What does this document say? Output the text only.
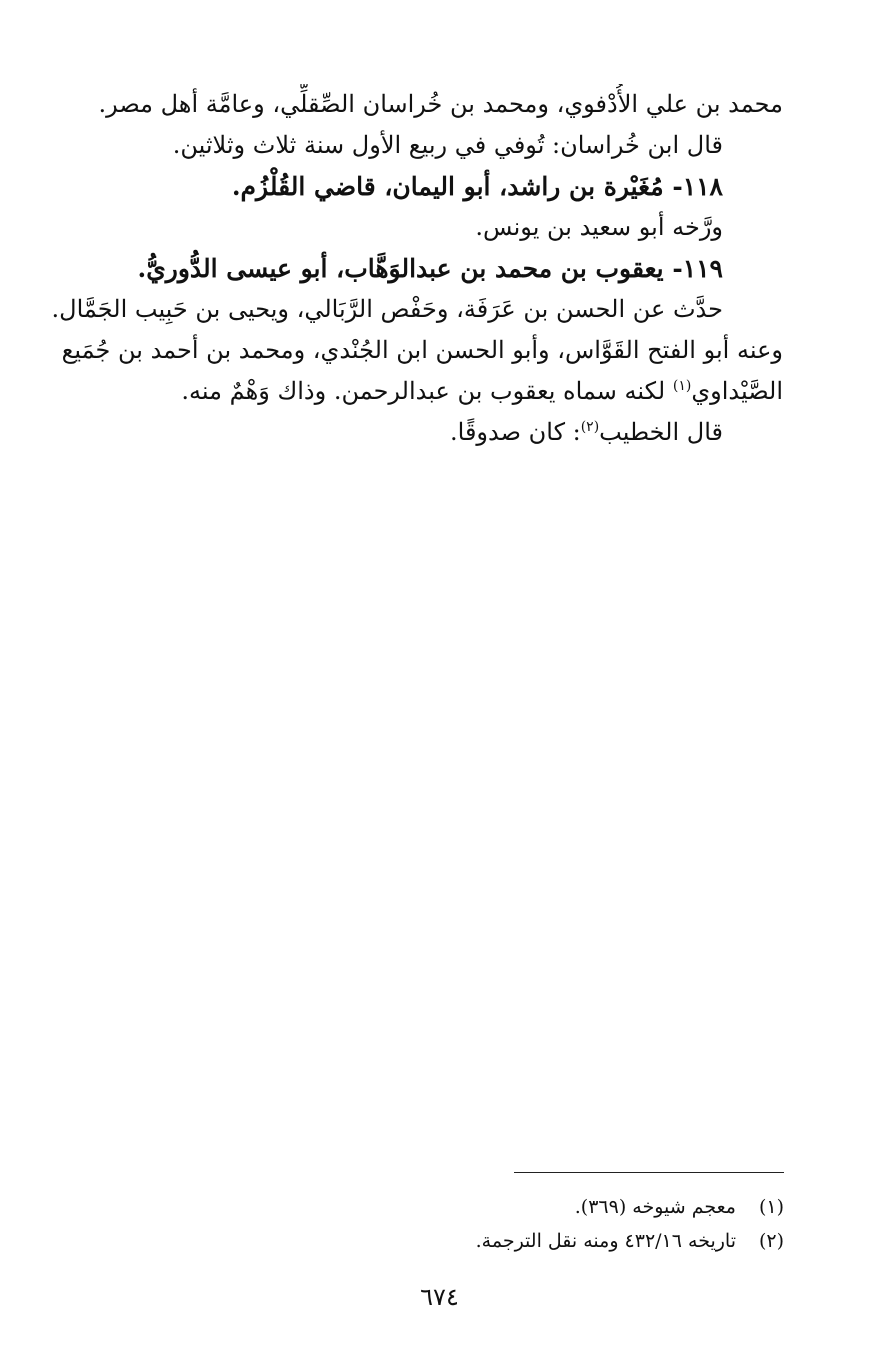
محمد بن علي الأُدْفوي، ومحمد بن خُراسان الصِّقلِّي، وعامَّة أهل مصر.
قال ابن خُراسان: تُوفي في ربيع الأول سنة ثلاث وثلاثين.
١١٨- مُغَيْرة بن راشد، أبو اليمان، قاضي القُلْزُم.
ورَّخه أبو سعيد بن يونس.
١١٩- يعقوب بن محمد بن عبدالوَهَّاب، أبو عيسى الدُّوريُّ.
حدَّث عن الحسن بن عَرَفَة، وحَفْص الرَّبَالي، ويحيى بن حَبِيب الجَمَّال.
وعنه أبو الفتح القَوَّاس، وأبو الحسن ابن الجُنْدي، ومحمد بن أحمد بن جُمَيع
الصَّيْداوي$^{(١)}$ لكنه سماه يعقوب بن عبدالرحمن. وذاك وَهْمٌ منه.
قال الخطيب$^{(٢)}$: كان صدوقًا.
(١)معجم شيوخه (٣٦٩).
(٢)تاريخه ٤٣٢/١٦ ومنه نقل الترجمة.
٦٧٤
